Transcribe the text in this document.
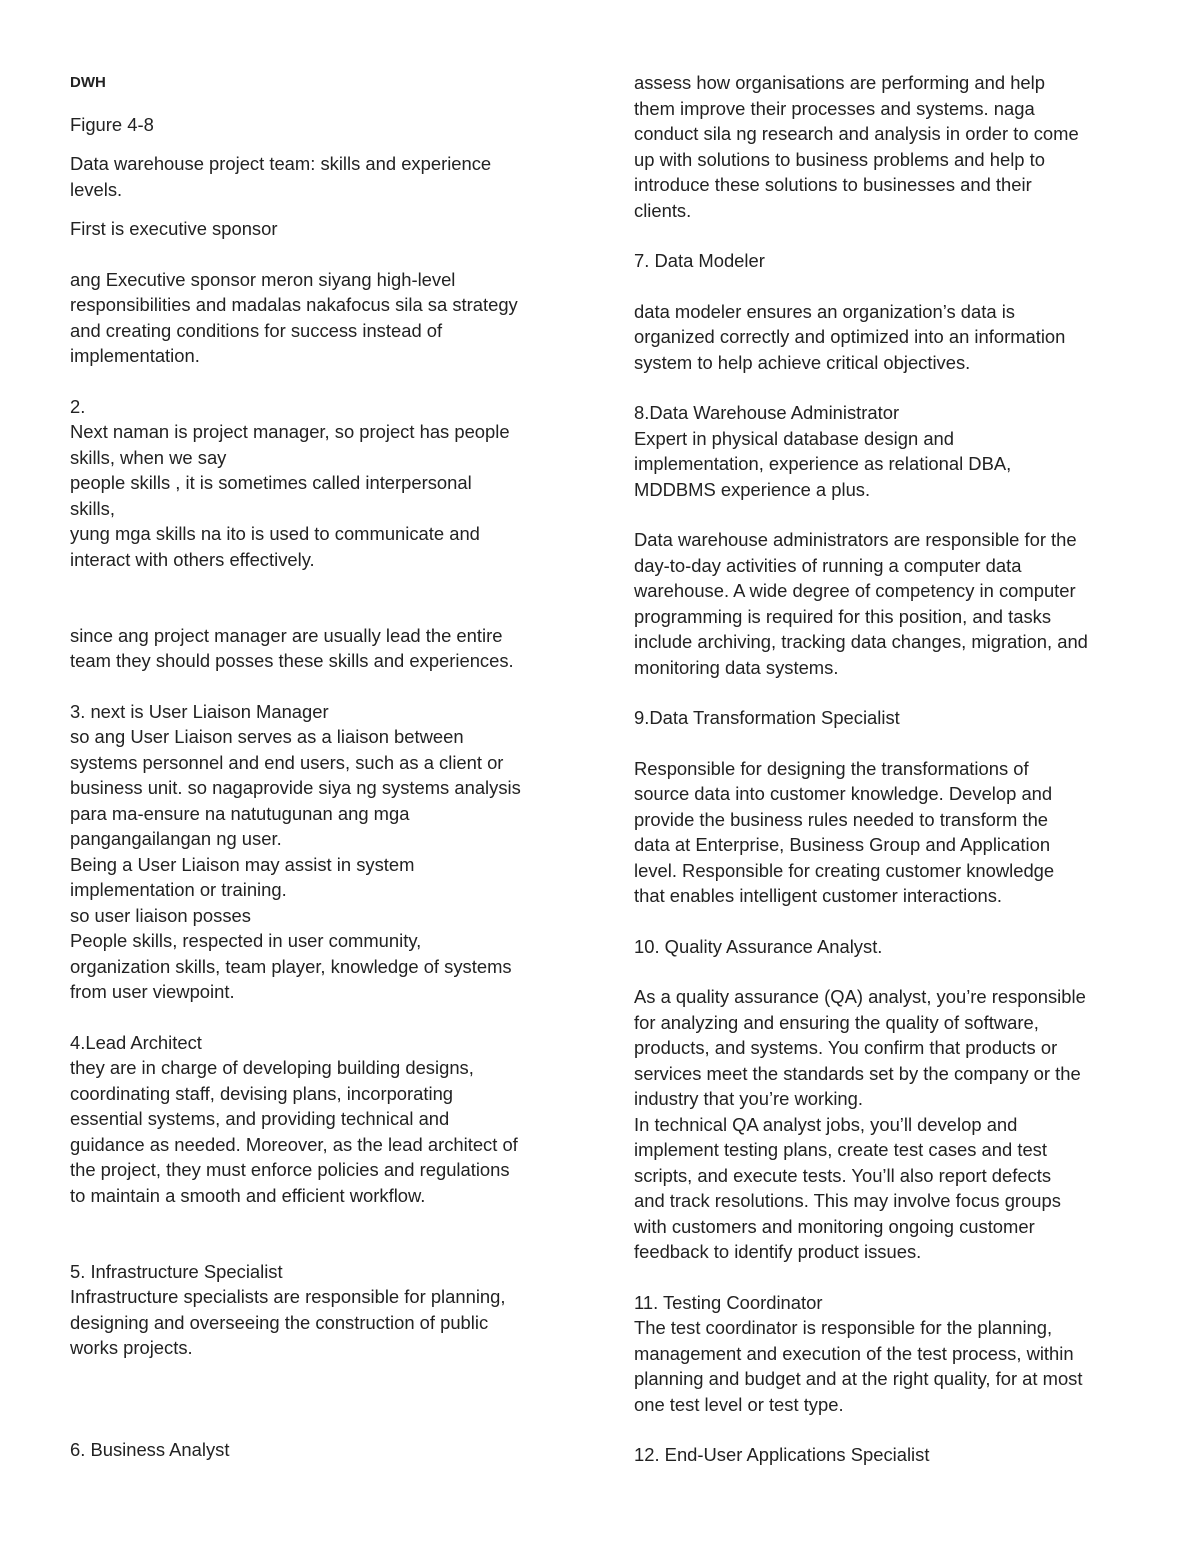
DWH
Figure 4-8
Data warehouse project team: skills and experience
levels.
First is executive sponsor
ang Executive sponsor meron siyang high-level
responsibilities and madalas nakafocus sila sa strategy
and creating conditions for success instead of
implementation.
2.
Next naman is project manager, so project has people
skills, when we say
people skills , it is sometimes called interpersonal
skills,
yung mga skills na ito is used to communicate and
interact with others effectively.
since ang project manager are usually lead the entire
team they should posses these skills and experiences.
3. next is User Liaison Manager
so ang User Liaison serves as a liaison between
systems personnel and end users, such as a client or
business unit. so nagaprovide siya ng systems analysis
para ma-ensure na natutugunan ang mga
pangangailangan ng user.
Being a User Liaison may assist in system
implementation or training.
so user liaison posses
People skills, respected in user community,
organization skills, team player, knowledge of systems
from user viewpoint.
4.Lead Architect
they are in charge of developing building designs,
coordinating staff, devising plans, incorporating
essential systems, and providing technical and
guidance as needed. Moreover, as the lead architect of
the project, they must enforce policies and regulations
to maintain a smooth and efficient workflow.
5. Infrastructure Specialist
Infrastructure specialists are responsible for planning,
designing and overseeing the construction of public
works projects.
6. Business Analyst
assess how organisations are performing and help
them improve their processes and systems. naga
conduct sila ng research and analysis in order to come
up with solutions to business problems and help to
introduce these solutions to businesses and their
clients.
7. Data Modeler
data modeler ensures an organization’s data is
organized correctly and optimized into an information
system to help achieve critical objectives.
8.Data Warehouse Administrator
Expert in physical database design and
implementation, experience as relational DBA,
MDDBMS experience a plus.
Data warehouse administrators are responsible for the
day-to-day activities of running a computer data
warehouse. A wide degree of competency in computer
programming is required for this position, and tasks
include archiving, tracking data changes, migration, and
monitoring data systems.
9.Data Transformation Specialist
Responsible for designing the transformations of
source data into customer knowledge. Develop and
provide the business rules needed to transform the
data at Enterprise, Business Group and Application
level. Responsible for creating customer knowledge
that enables intelligent customer interactions.
10. Quality Assurance Analyst.
As a quality assurance (QA) analyst, you’re responsible
for analyzing and ensuring the quality of software,
products, and systems. You confirm that products or
services meet the standards set by the company or the
industry that you’re working.
In technical QA analyst jobs, you’ll develop and
implement testing plans, create test cases and test
scripts, and execute tests. You’ll also report defects
and track resolutions. This may involve focus groups
with customers and monitoring ongoing customer
feedback to identify product issues.
11. Testing Coordinator
The test coordinator is responsible for the planning,
management and execution of the test process, within
planning and budget and at the right quality, for at most
one test level or test type.
12. End-User Applications Specialist
